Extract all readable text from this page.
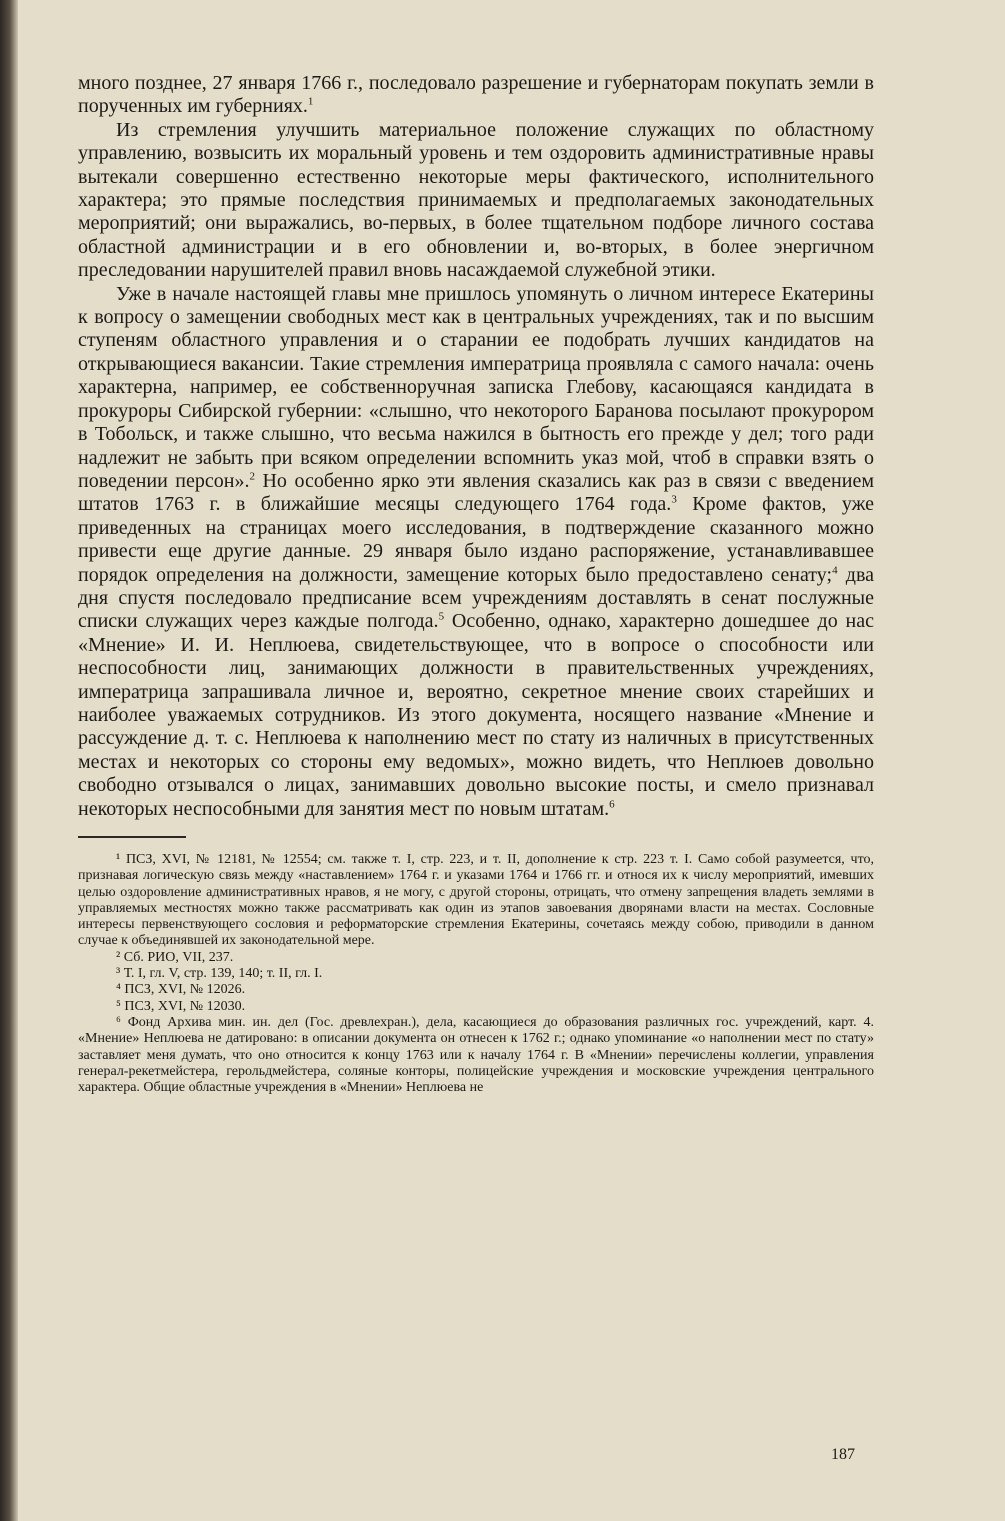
много позднее, 27 января 1766 г., последовало разрешение и губернаторам покупать земли в порученных им губерниях.$^1$

Из стремления улучшить материальное положение служащих по областному управлению, возвысить их моральный уровень и тем оздоровить административные нравы вытекали совершенно естественно некоторые меры фактического, исполнительного характера; это прямые последствия принимаемых и предполагаемых законодательных мероприятий; они выражались, во-первых, в более тщательном подборе личного состава областной администрации и в его обновлении и, во-вторых, в более энергичном преследовании нарушителей правил вновь насаждаемой служебной этики.

Уже в начале настоящей главы мне пришлось упомянуть о личном интересе Екатерины к вопросу о замещении свободных мест как в центральных учреждениях, так и по высшим ступеням областного управления и о старании ее подобрать лучших кандидатов на открывающиеся вакансии. Такие стремления императрица проявляла с самого начала: очень характерна, например, ее собственноручная записка Глебову, касающаяся кандидата в прокуроры Сибирской губернии: «слышно, что некоторого Баранова посылают прокурором в Тобольск, и также слышно, что весьма нажился в бытность его прежде у дел; того ради надлежит не забыть при всяком определении вспомнить указ мой, чтоб в справки взять о поведении персон».$^2$ Но особенно ярко эти явления сказались как раз в связи с введением штатов 1763 г. в ближайшие месяцы следующего 1764 года.$^3$ Кроме фактов, уже приведенных на страницах моего исследования, в подтверждение сказанного можно привести еще другие данные. 29 января было издано распоряжение, устанавливавшее порядок определения на должности, замещение которых было предоставлено сенату;$^4$ два дня спустя последовало предписание всем учреждениям доставлять в сенат послужные списки служащих через каждые полгода.$^5$ Особенно, однако, характерно дошедшее до нас «Мнение» И. И. Неплюева, свидетельствующее, что в вопросе о способности или неспособности лиц, занимающих должности в правительственных учреждениях, императрица запрашивала личное и, вероятно, секретное мнение своих старейших и наиболее уважаемых сотрудников. Из этого документа, носящего название «Мнение и рассуждение д. т. с. Неплюева к наполнению мест по стату из наличных в присутственных местах и некоторых со стороны ему ведомых», можно видеть, что Неплюев довольно свободно отзывался о лицах, занимавших довольно высокие посты, и смело признавал некоторых неспособными для занятия мест по новым штатам.$^6$

¹ ПСЗ, XVI, № 12181, № 12554; см. также т. I, стр. 223, и т. II, дополнение к стр. 223 т. I. Само собой разумеется, что, признавая логическую связь между «наставлением» 1764 г. и указами 1764 и 1766 гг. и относя их к числу мероприятий, имевших целью оздоровление административных нравов, я не могу, с другой стороны, отрицать, что отмену запрещения владеть землями в управляемых местностях можно также рассматривать как один из этапов завоевания дворянами власти на местах. Сословные интересы первенствующего сословия и реформаторские стремления Екатерины, сочетаясь между собою, приводили в данном случае к объединявшей их законодательной мере.

² Сб. РИО, VII, 237.

³ Т. I, гл. V, стр. 139, 140; т. II, гл. I.

⁴ ПСЗ, XVI, № 12026.

⁵ ПСЗ, XVI, № 12030.

⁶ Фонд Архива мин. ин. дел (Гос. древлехран.), дела, касающиеся до образования различных гос. учреждений, карт. 4. «Мнение» Неплюева не датировано: в описании документа он отнесен к 1762 г.; однако упоминание «о наполнении мест по стату» заставляет меня думать, что оно относится к концу 1763 или к началу 1764 г. В «Мнении» перечислены коллегии, управления генерал-рекетмейстера, герольдмейстера, соляные конторы, полицейские учреждения и московские учреждения центрального характера. Общие областные учреждения в «Мнении» Неплюева не

187
